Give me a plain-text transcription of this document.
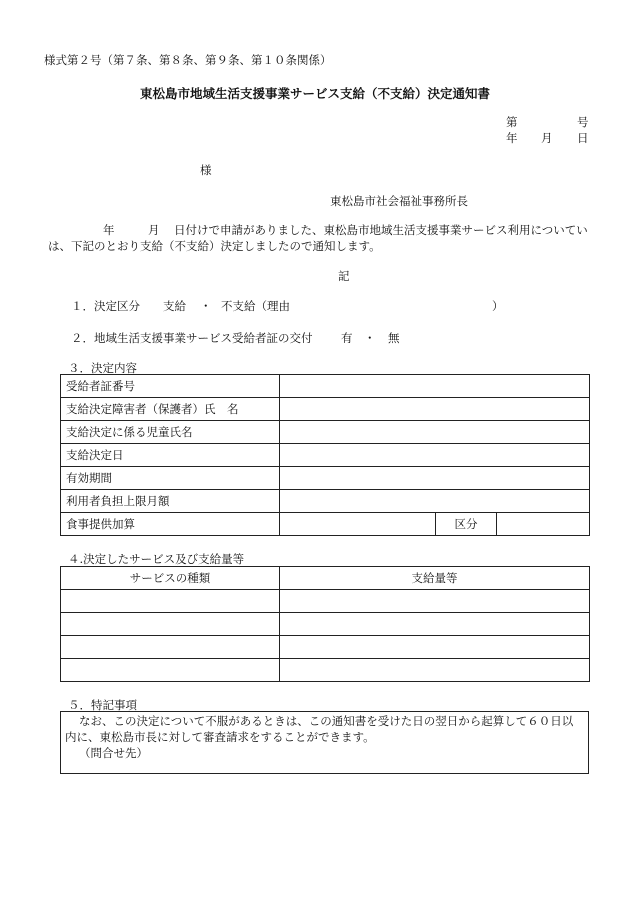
様式第２号（第７条、第８条、第９条、第１０条関係）
東松島市地域生活支援事業サービス支給（不支給）決定通知書
第	号
年 月 日
様
東松島市社会福祉事務所長
年	月 日付けで申請がありました、東松島市地域生活支援事業サービス利用についてい
は、下記のとおり支給（不支給）決定しましたので通知します。
記
１．決定区分 支給 ・ 不支給（理由	）
２．地域生活支援事業サービス受給者証の交付 有 ・ 無
３．決定内容
受給者証番号			
支給決定障害者（保護者）氏　名			
支給決定に係る児童氏名			
支給決定日			
有効期間			
利用者負担上限月額			
食事提供加算		区分	
４.決定したサービス及び支給量等
サービスの種類	支給量等

５．特記事項
なお、この決定について不服があるときは、この通知書を受けた日の翌日から起算して６０日以
内に、東松島市長に対して審査請求をすることができます。
（問合せ先）
